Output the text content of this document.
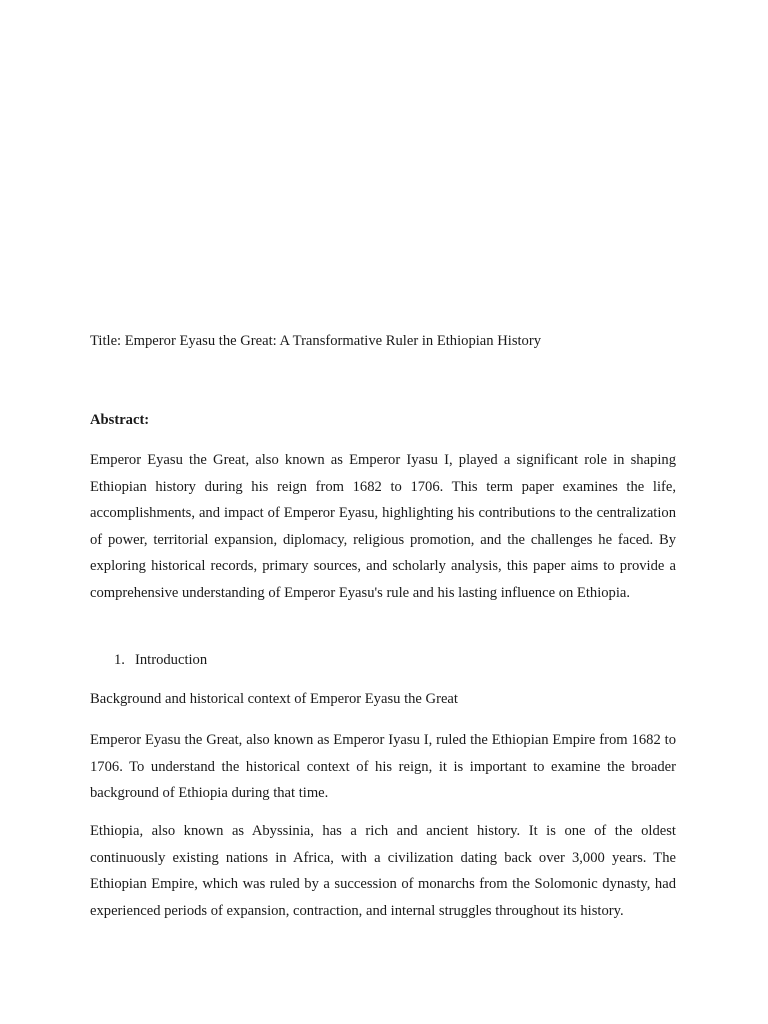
Title: Emperor Eyasu the Great: A Transformative Ruler in Ethiopian History

Abstract:

Emperor Eyasu the Great, also known as Emperor Iyasu I, played a significant role in shaping Ethiopian history during his reign from 1682 to 1706. This term paper examines the life, accomplishments, and impact of Emperor Eyasu, highlighting his contributions to the centralization of power, territorial expansion, diplomacy, religious promotion, and the challenges he faced. By exploring historical records, primary sources, and scholarly analysis, this paper aims to provide a comprehensive understanding of Emperor Eyasu's rule and his lasting influence on Ethiopia.

1. Introduction

Background and historical context of Emperor Eyasu the Great

Emperor Eyasu the Great, also known as Emperor Iyasu I, ruled the Ethiopian Empire from 1682 to 1706. To understand the historical context of his reign, it is important to examine the broader background of Ethiopia during that time.

Ethiopia, also known as Abyssinia, has a rich and ancient history. It is one of the oldest continuously existing nations in Africa, with a civilization dating back over 3,000 years. The Ethiopian Empire, which was ruled by a succession of monarchs from the Solomonic dynasty, had experienced periods of expansion, contraction, and internal struggles throughout its history.
